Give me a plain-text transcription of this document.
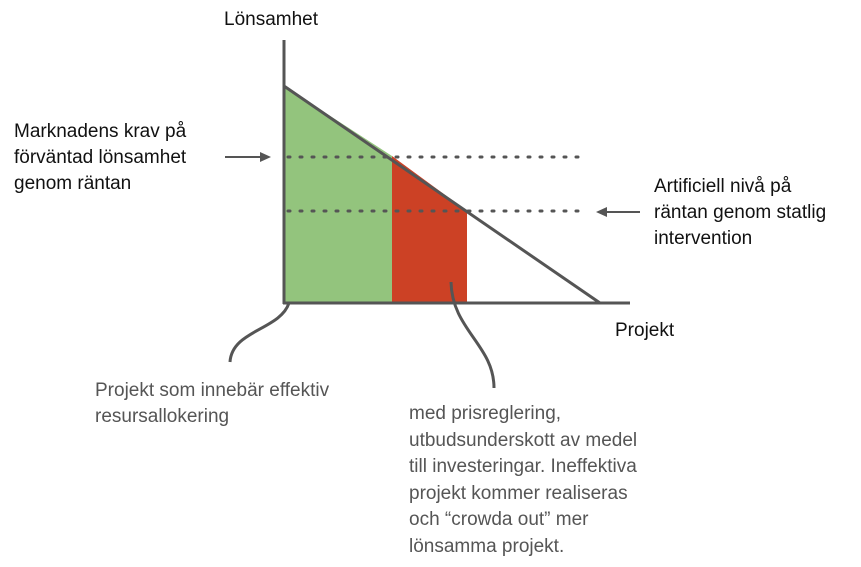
Lönsamhet
Projekt
Marknadens krav på
förväntad lönsamhet
genom räntan	Artificiell nivå på
räntan genom statlig
intervention
Projekt som innebär effektiv
resursallokering	med prisreglering,
utbudsunderskott av medel
till investeringar. Ineffektiva
projekt kommer realiseras
och “crowda out” mer
lönsamma projekt.
